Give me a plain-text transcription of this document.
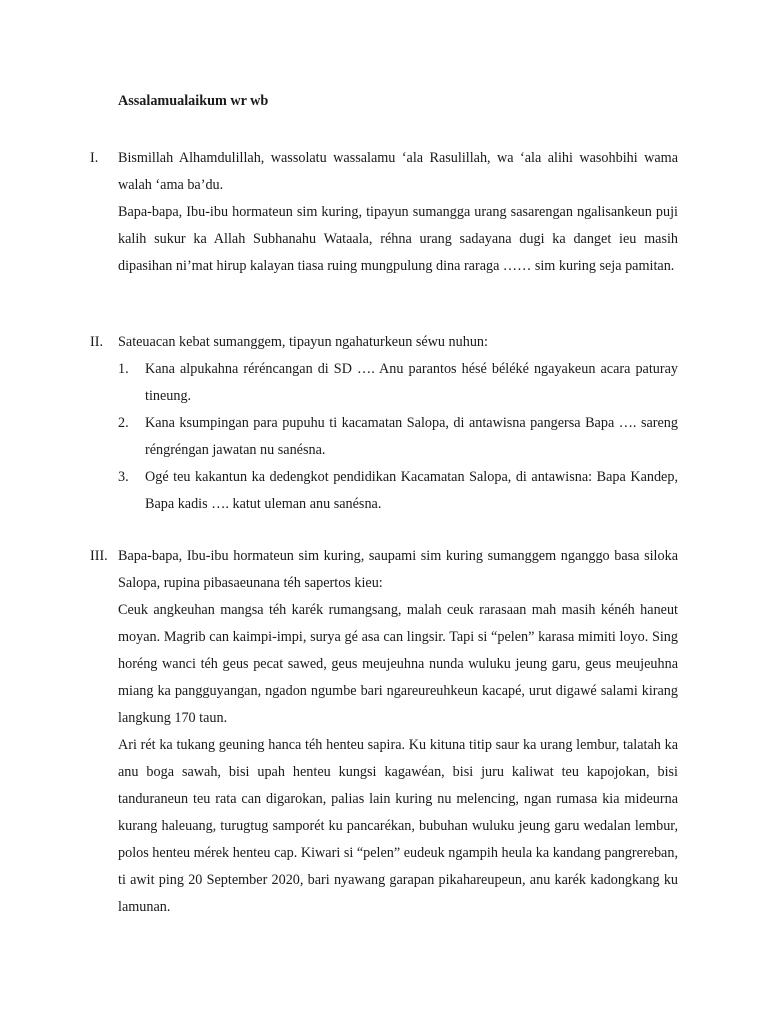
Assalamualaikum wr wb

I. Bismillah Alhamdulillah, wassolatu wassalamu ‘ala Rasulillah, wa ‘ala alihi wasohbihi wama walah ‘ama ba’du.

Bapa-bapa, Ibu-ibu hormateun sim kuring, tipayun sumangga urang sasarengan ngalisankeun puji kalih sukur ka Allah Subhanahu Wataala, réhna urang sadayana dugi ka danget ieu masih dipasihan ni’mat hirup kalayan tiasa ruing mungpulung dina raraga …… sim kuring seja pamitan.

II. Sateuacan kebat sumanggem, tipayun ngahaturkeun séwu nuhun:

1. Kana alpukahna réréncangan di SD …. Anu parantos hésé béléké ngayakeun acara paturay tineung.

2. Kana ksumpingan para pupuhu ti kacamatan Salopa, di antawisna pangersa Bapa …. sareng réngréngan jawatan nu sanésna.

3. Ogé teu kakantun ka dedengkot pendidikan Kacamatan Salopa, di antawisna: Bapa Kandep, Bapa kadis …. katut uleman anu sanésna.

III. Bapa-bapa, Ibu-ibu hormateun sim kuring, saupami sim kuring sumanggem nganggo basa siloka Salopa, rupina pibasaeunana téh sapertos kieu:

Ceuk angkeuhan mangsa téh karék rumangsang, malah ceuk rarasaan mah masih kénéh haneut moyan. Magrib can kaimpi-impi, surya gé asa can lingsir. Tapi si “pelen” karasa mimiti loyo. Sing horéng wanci téh geus pecat sawed, geus meujeuhna nunda wuluku jeung garu, geus meujeuhna miang ka pangguyangan, ngadon ngumbe bari ngareureuhkeun kacapé, urut digawé salami kirang langkung 170 taun.

Ari rét ka tukang geuning hanca téh henteu sapira. Ku kituna titip saur ka urang lembur, talatah ka anu boga sawah, bisi upah henteu kungsi kagawéan, bisi juru kaliwat teu kapojokan, bisi tanduraneun teu rata can digarokan, palias lain kuring nu melencing, ngan rumasa kia mideurna kurang haleuang, turugtug samporét ku pancarékan, bubuhan wuluku jeung garu wedalan lembur, polos henteu mérek henteu cap. Kiwari si “pelen” eudeuk ngampih heula ka kandang pangrereban, ti awit ping 20 September 2020, bari nyawang garapan pikahareupeun, anu karék kadongkang ku lamunan.
